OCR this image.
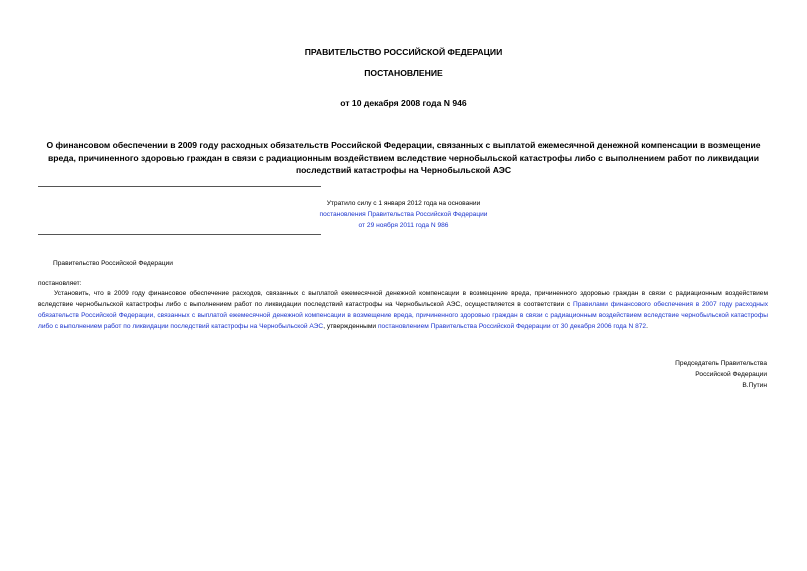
ПРАВИТЕЛЬСТВО РОССИЙСКОЙ ФЕДЕРАЦИИ
ПОСТАНОВЛЕНИЕ
от 10 декабря 2008 года N 946
О финансовом обеспечении в 2009 году расходных обязательств Российской Федерации, связанных с выплатой ежемесячной денежной компенсации в возмещение вреда, причиненного здоровью граждан в связи с радиационным воздействием вследствие чернобыльской катастрофы либо с выполнением работ по ликвидации последствий катастрофы на Чернобыльской АЭС
Утратило силу с 1 января 2012 года на основании
постановления Правительства Российской Федерации
от 29 ноября 2011 года N 986
Правительство Российской Федерации
постановляет:
Установить, что в 2009 году финансовое обеспечение расходов, связанных с выплатой ежемесячной денежной компенсации в возмещение вреда, причиненного здоровью граждан в связи с радиационным воздействием вследствие чернобыльской катастрофы либо с выполнением работ по ликвидации последствий катастрофы на Чернобыльской АЭС, осуществляется в соответствии с Правилами финансового обеспечения в 2007 году расходных обязательств Российской Федерации, связанных с выплатой ежемесячной денежной компенсации в возмещение вреда, причиненного здоровью граждан в связи с радиационным воздействием вследствие чернобыльской катастрофы либо с выполнением работ по ликвидации последствий катастрофы на Чернобыльской АЭС, утвержденными постановлением Правительства Российской Федерации от 30 декабря 2006 года N 872.
Председатель Правительства
Российской Федерации
В.Путин
